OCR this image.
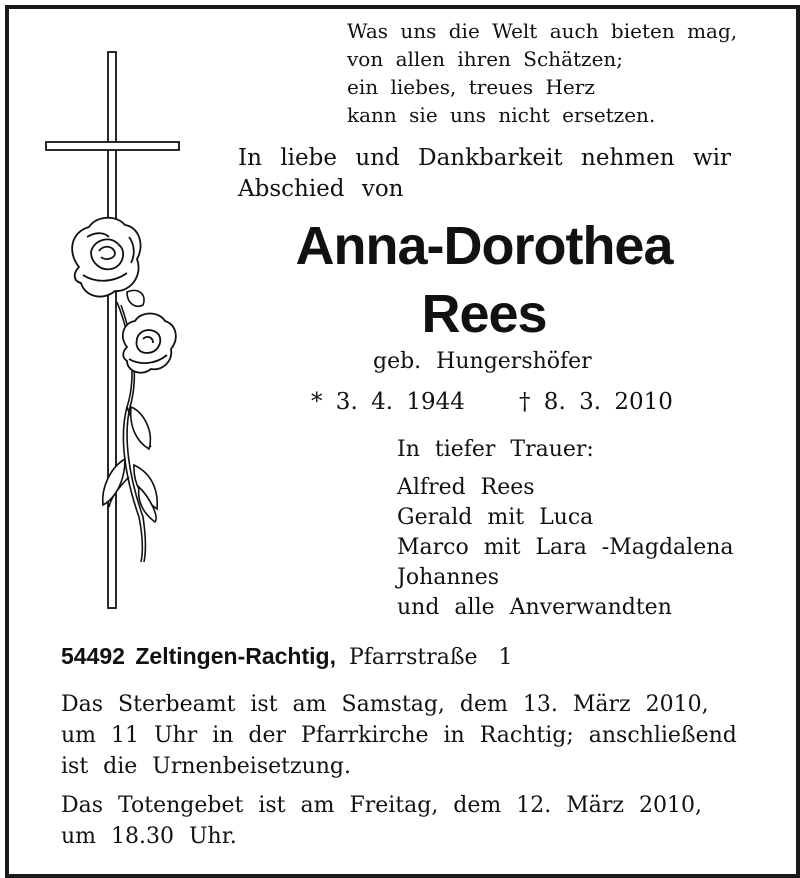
Was uns die Welt auch bieten mag,
von allen ihren Schätzen;
ein liebes, treues Herz
kann sie uns nicht ersetzen.
In liebe und Dankbarkeit nehmen wir
Abschied von
Anna-Dorothea
Rees
geb. Hungershöfer
* 3. 4. 1944 † 8. 3. 2010
In tiefer Trauer:
Alfred Rees
Gerald mit Luca
Marco mit Lara -Magdalena
Johannes
und alle Anverwandten
54492 Zeltingen-Rachtig, Pfarrstraße 1
Das Sterbeamt ist am Samstag, dem 13. März 2010,
um 11 Uhr in der Pfarrkirche in Rachtig; anschließend
ist die Urnenbeisetzung.
Das Totengebet ist am Freitag, dem 12. März 2010,
um 18.30 Uhr.
